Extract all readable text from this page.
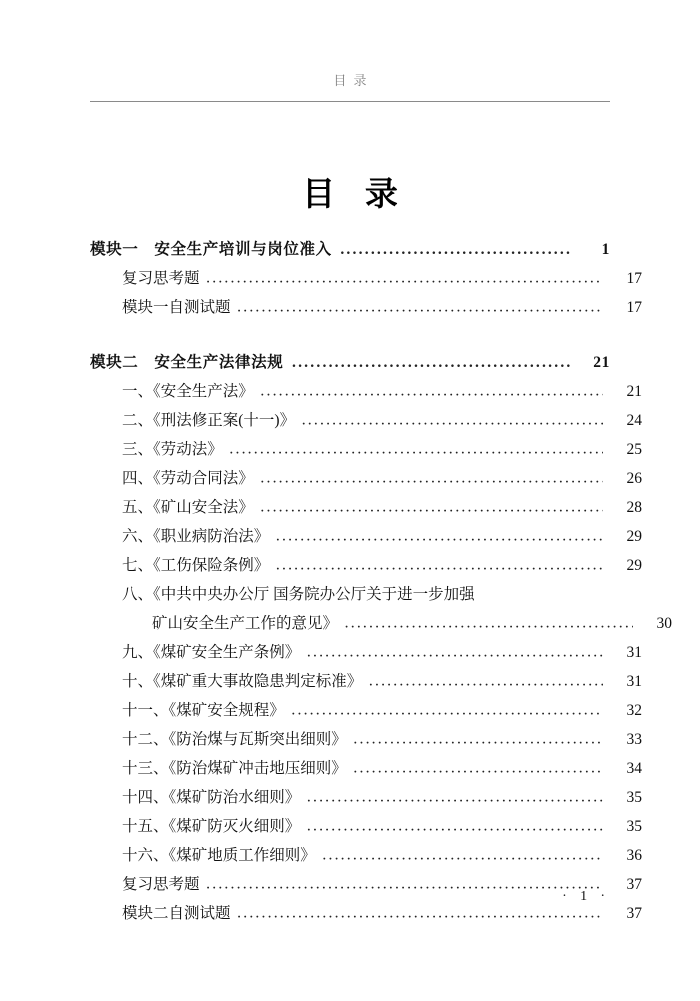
目录
目录
模块一 安全生产培训与岗位准入 ·····	1
复习思考题 ·····	17
模块一自测试题 ·····	17
模块二 安全生产法律法规 ·····	21
一、《安全生产法》 ·····	21
二、《刑法修正案(十一)》 ·····	24
三、《劳动法》 ·····	25
四、《劳动合同法》 ·····	26
五、《矿山安全法》 ·····	28
六、《职业病防治法》 ·····	29
七、《工伤保险条例》 ·····	29
八、《中共中央办公厅 国务院办公厅关于进一步加强
矿山安全生产工作的意见》 ·····	30
九、《煤矿安全生产条例》 ·····	31
十、《煤矿重大事故隐患判定标准》 ·····	31
十一、《煤矿安全规程》 ·····	32
十二、《防治煤与瓦斯突出细则》 ·····	33
十三、《防治煤矿冲击地压细则》 ·····	34
十四、《煤矿防治水细则》 ·····	35
十五、《煤矿防灭火细则》 ·····	35
十六、《煤矿地质工作细则》 ·····	36
复习思考题 ·····	37
模块二自测试题 ·····	37
· 1 ·
